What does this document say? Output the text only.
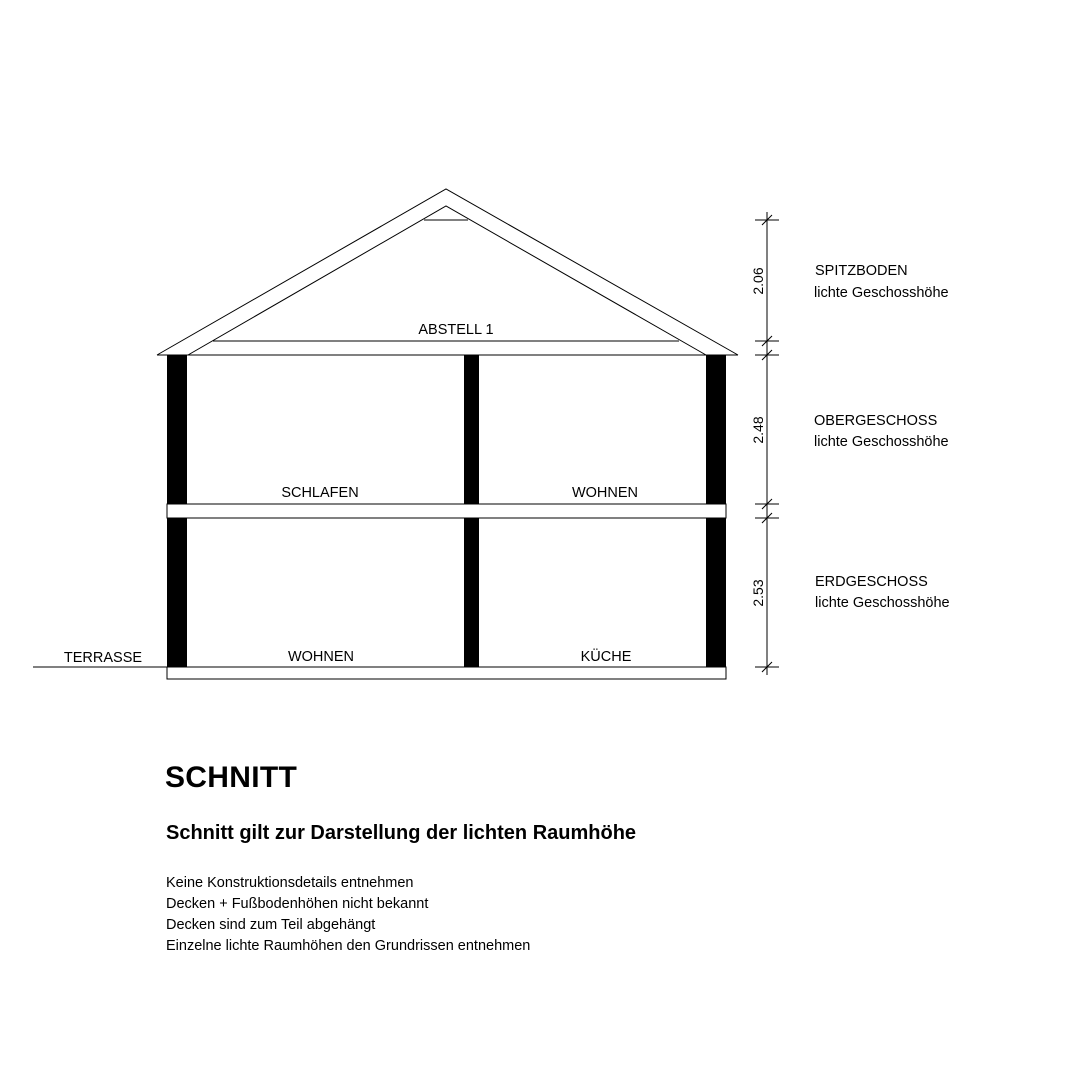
ABSTELL 1
SCHLAFEN	WOHNEN
WOHNEN	KÜCHE
TERRASSE
2.06
2.48
2.53
SPITZBODEN
lichte Geschosshöhe
OBERGESCHOSS
lichte Geschosshöhe
ERDGESCHOSS
lichte Geschosshöhe
SCHNITT
Schnitt gilt zur Darstellung der lichten Raumhöhe
Keine Konstruktionsdetails entnehmen
Decken + Fußbodenhöhen nicht bekannt
Decken sind zum Teil abgehängt
Einzelne lichte Raumhöhen den Grundrissen entnehmen
